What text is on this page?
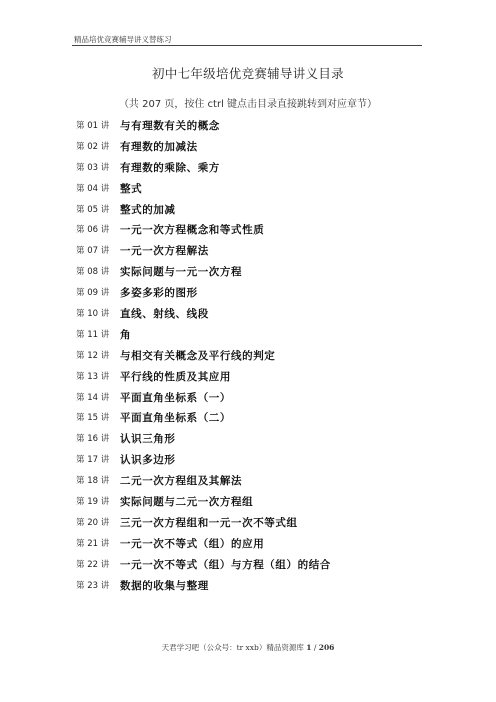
精品培优竞赛辅导讲义替练习
初中七年级培优竞赛辅导讲义目录
（共 207 页，按住 ctrl 键点击目录直接跳转到对应章节）
第 01 讲	与有理数有关的概念
第 02 讲	有理数的加减法
第 03 讲	有理数的乘除、乘方
第 04 讲	整式
第 05 讲	整式的加减
第 06 讲	一元一次方程概念和等式性质
第 07 讲	一元一次方程解法
第 08 讲	实际问题与一元一次方程
第 09 讲	多姿多彩的图形
第 10 讲	直线、射线、线段
第 11 讲	角
第 12 讲	与相交有关概念及平行线的判定
第 13 讲	平行线的性质及其应用
第 14 讲	平面直角坐标系（一）
第 15 讲	平面直角坐标系（二）
第 16 讲	认识三角形
第 17 讲	认识多边形
第 18 讲	二元一次方程组及其解法
第 19 讲	实际问题与二元一次方程组
第 20 讲	三元一次方程组和一元一次不等式组
第 21 讲	一元一次不等式（组）的应用
第 22 讲	一元一次不等式（组）与方程（组）的结合
第 23 讲	数据的收集与整理
天君学习吧（公众号：tr xxb）精品资源库 1 / 206
